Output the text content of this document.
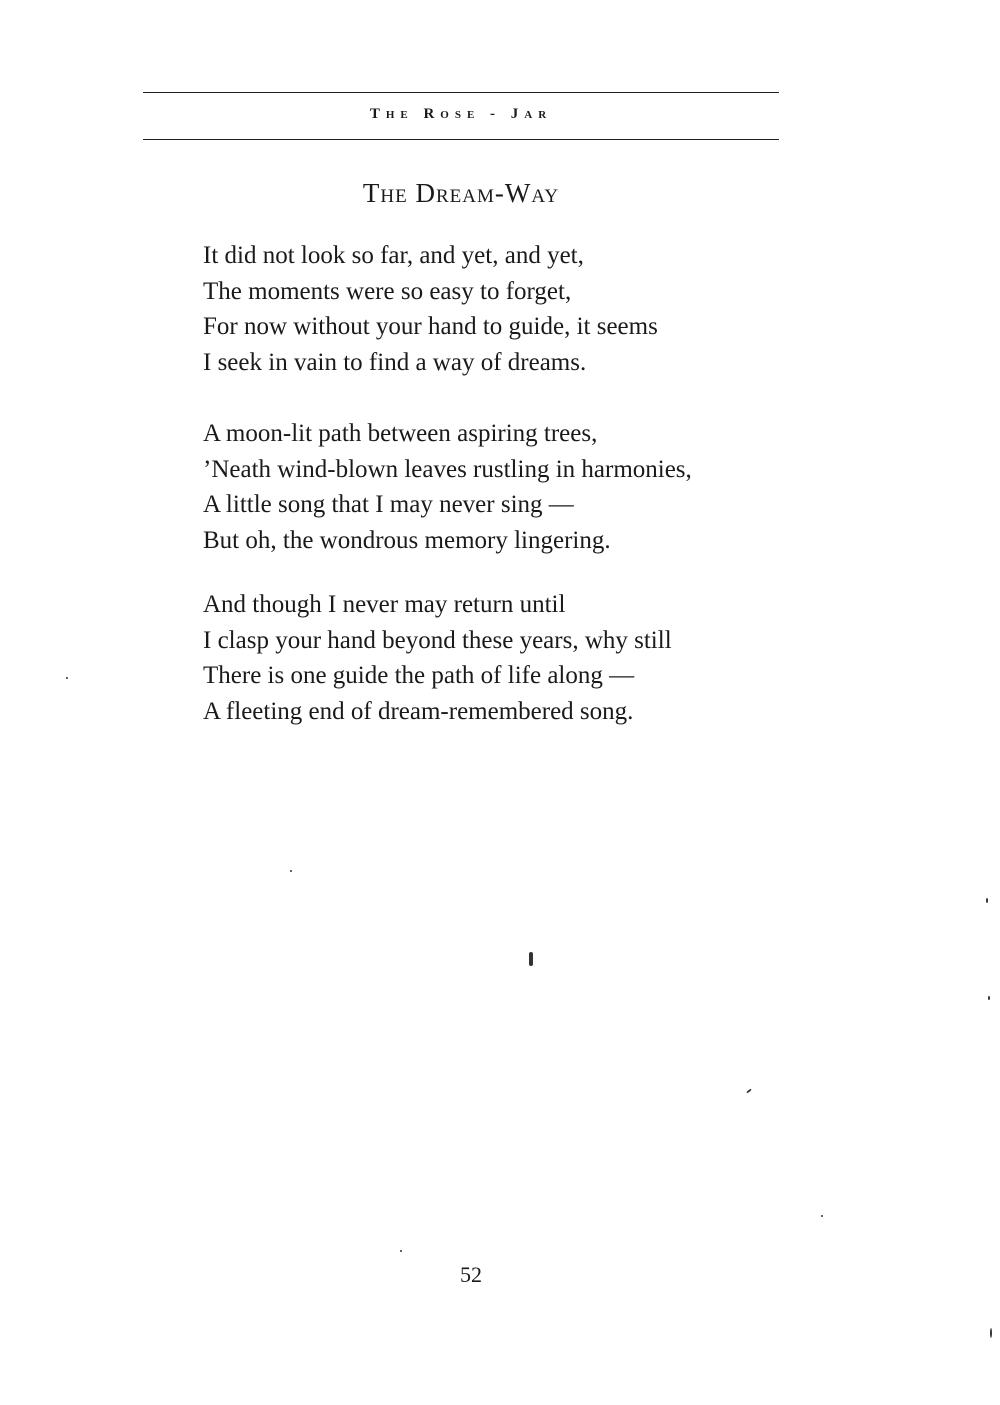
The Rose - Jar
The Dream-Way
It did not look so far, and yet, and yet,
The moments were so easy to forget,
For now without your hand to guide, it seems
I seek in vain to find a way of dreams.
A moon-lit path between aspiring trees,
’Neath wind-blown leaves rustling in harmonies,
A little song that I may never sing —
But oh, the wondrous memory lingering.
And though I never may return until
I clasp your hand beyond these years, why still
There is one guide the path of life along —
A fleeting end of dream-remembered song.
52
